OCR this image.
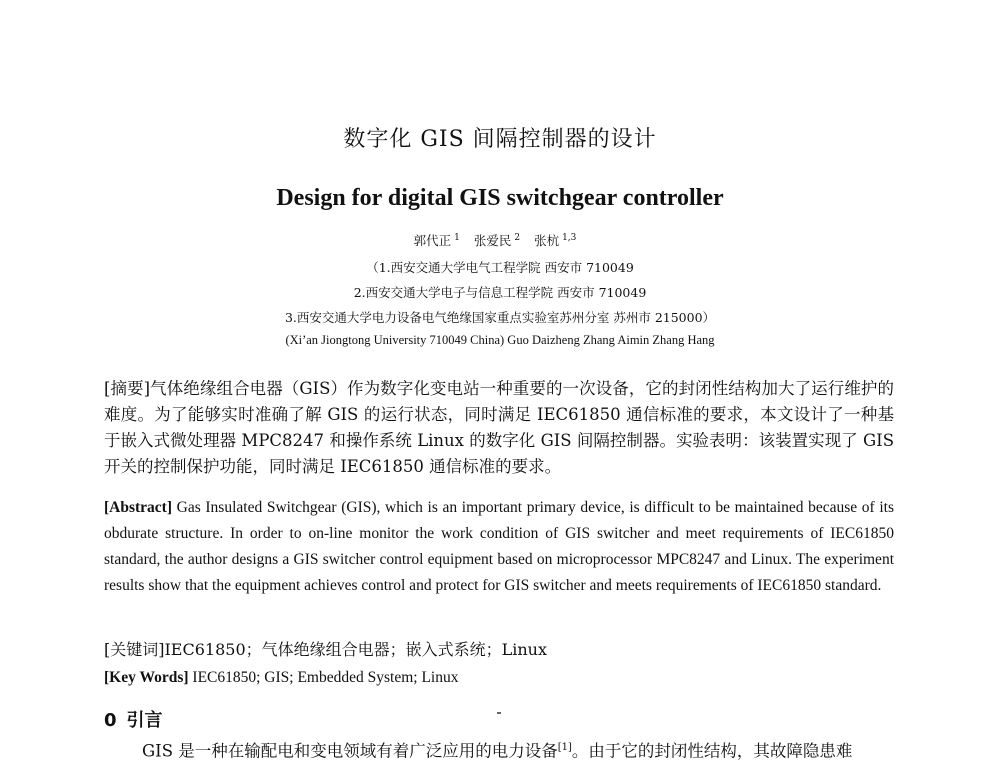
数字化 GIS 间隔控制器的设计
Design for digital GIS switchgear controller
郭代正 $^1$ 张爱民 $^2$ 张杭 $^{1,3}$
（1.西安交通大学电气工程学院 西安市 710049
2.西安交通大学电子与信息工程学院 西安市 710049
3.西安交通大学电力设备电气绝缘国家重点实验室苏州分室 苏州市 215000）
(Xi’an Jiongtong University 710049 China) Guo Daizheng Zhang Aimin Zhang Hang
[摘要]气体绝缘组合电器（GIS）作为数字化变电站一种重要的一次设备，它的封闭性结构加大了运行维护的难度。为了能够实时准确了解 GIS 的运行状态，同时满足 IEC61850 通信标准的要求，本文设计了一种基于嵌入式微处理器 MPC8247 和操作系统 Linux 的数字化 GIS 间隔控制器。实验表明：该装置实现了 GIS 开关的控制保护功能，同时满足 IEC61850 通信标准的要求。
[Abstract] Gas Insulated Switchgear (GIS), which is an important primary device, is difficult to be maintained because of its obdurate structure. In order to on-line monitor the work condition of GIS switcher and meet requirements of IEC61850 standard, the author designs a GIS switcher control equipment based on microprocessor MPC8247 and Linux. The experiment results show that the equipment achieves control and protect for GIS switcher and meets requirements of IEC61850 standard.
[关键词]IEC61850；气体绝缘组合电器；嵌入式系统；Linux
[Key Words] IEC61850; GIS; Embedded System; Linux
0 引言
GIS 是一种在输配电和变电领域有着广泛应用的电力设备[1]。由于它的封闭性结构，其故障隐患难
